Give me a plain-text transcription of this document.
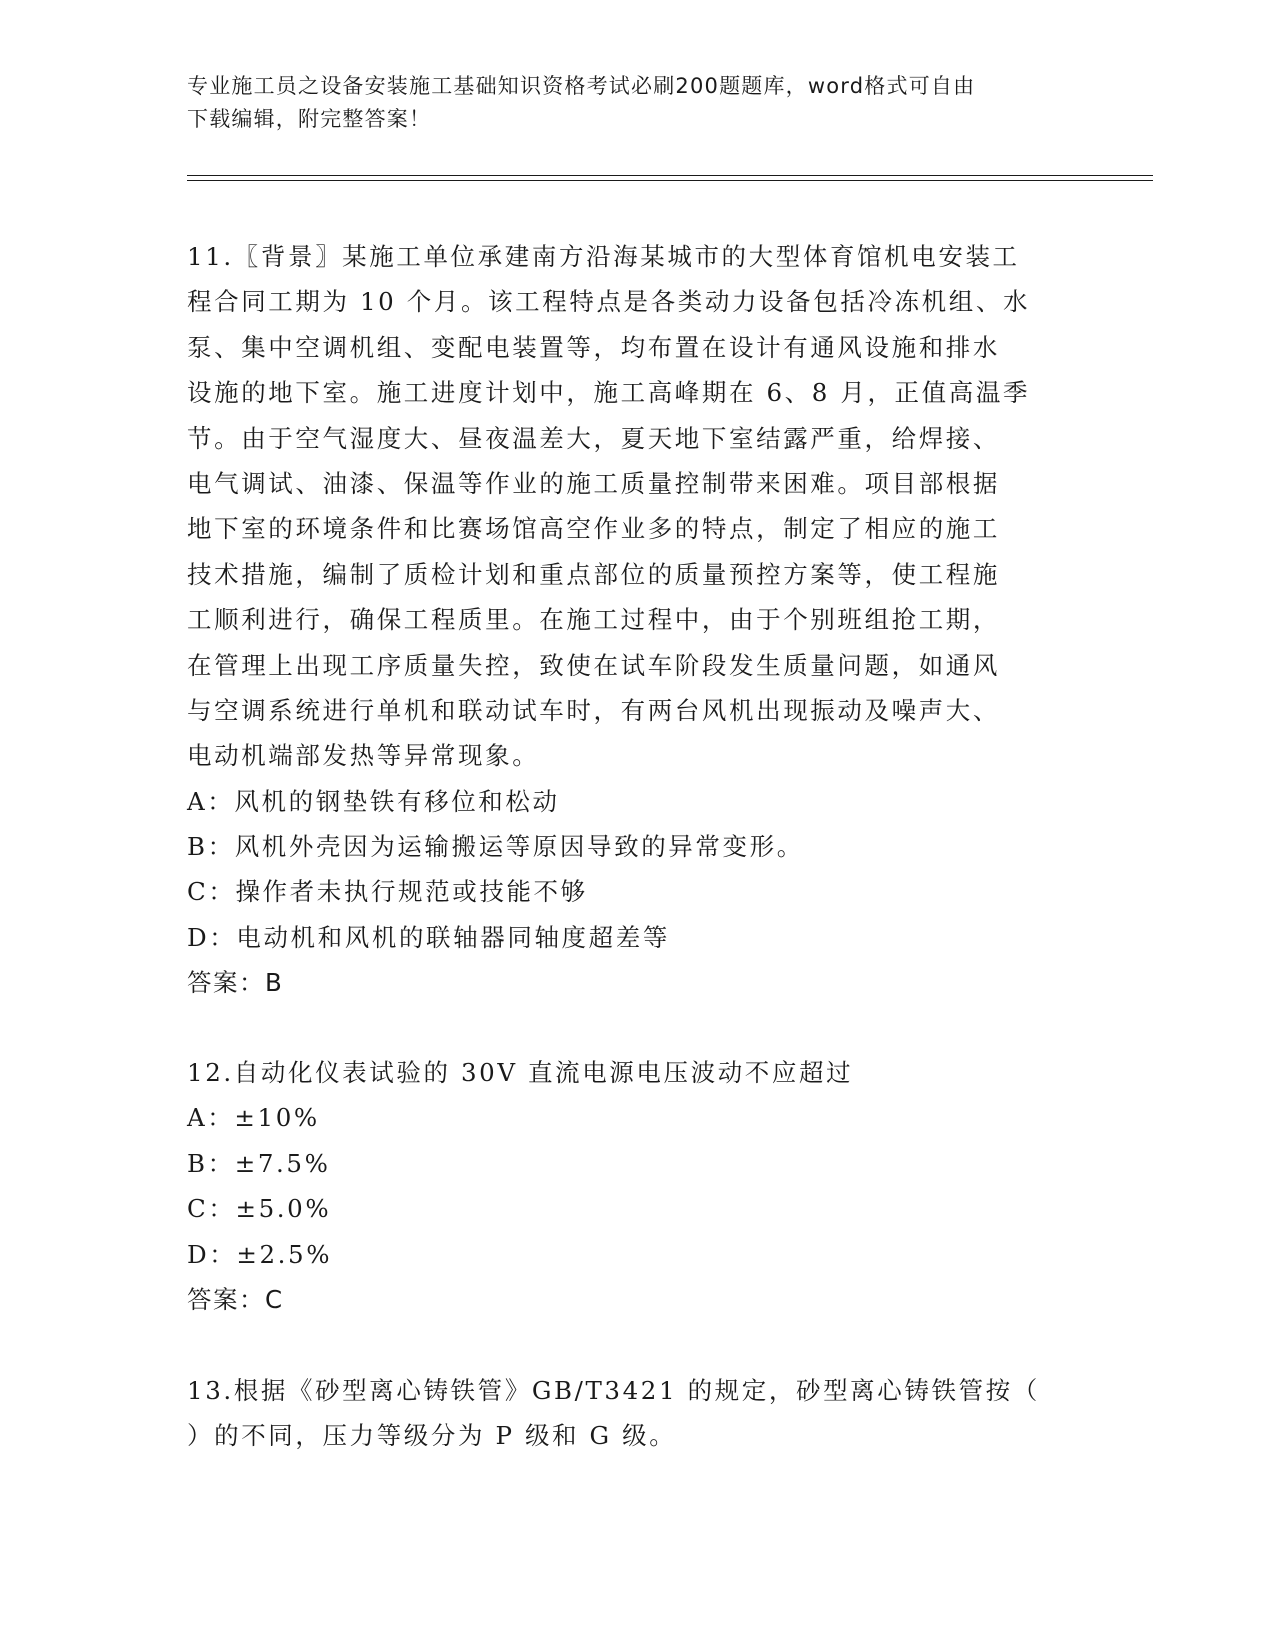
专业施工员之设备安装施工基础知识资格考试必刷200题题库，word格式可自由
下载编辑，附完整答案！
11.〖背景〗某施工单位承建南方沿海某城市的大型体育馆机电安装工
程合同工期为 10 个月。该工程特点是各类动力设备包括冷冻机组、水
泵、集中空调机组、变配电装置等，均布置在设计有通风设施和排水
设施的地下室。施工进度计划中，施工高峰期在 6、8 月，正值高温季
节。由于空气湿度大、昼夜温差大，夏天地下室结露严重，给焊接、
电气调试、油漆、保温等作业的施工质量控制带来困难。项目部根据
地下室的环境条件和比赛场馆高空作业多的特点，制定了相应的施工
技术措施，编制了质检计划和重点部位的质量预控方案等，使工程施
工顺利进行，确保工程质里。在施工过程中，由于个别班组抢工期，
在管理上出现工序质量失控，致使在试车阶段发生质量问题，如通风
与空调系统进行单机和联动试车时，有两台风机出现振动及噪声大、
电动机端部发热等异常现象。
A：风机的钢垫铁有移位和松动
B：风机外壳因为运输搬运等原因导致的异常变形。
C：操作者未执行规范或技能不够
D：电动机和风机的联轴器同轴度超差等
答案：B
12.自动化仪表试验的 30V 直流电源电压波动不应超过
A：±10%
B：±7.5%
C：±5.0%
D：±2.5%
答案：C
13.根据《砂型离心铸铁管》GB/T3421 的规定，砂型离心铸铁管按（
）的不同，压力等级分为 P 级和 G 级。
